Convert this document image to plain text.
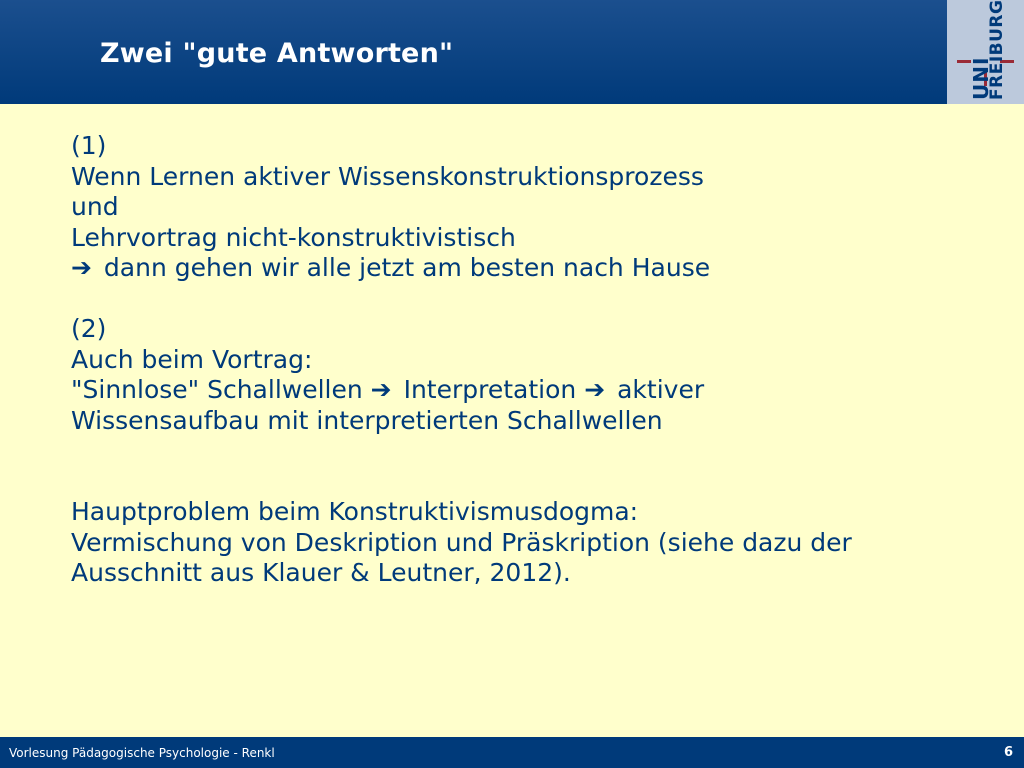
Zwei "gute Antworten"
UNI
FREIBURG
(1)
Wenn Lernen aktiver Wissenskonstruktionsprozess
und
Lehrvortrag nicht-konstruktivistisch
➔ dann gehen wir alle jetzt am besten nach Hause
(2)
Auch beim Vortrag:
"Sinnlose" Schallwellen ➔ Interpretation ➔ aktiver
Wissensaufbau mit interpretierten Schallwellen
Hauptproblem beim Konstruktivismusdogma:
Vermischung von Deskription und Präskription (siehe dazu der
Ausschnitt aus Klauer & Leutner, 2012).
Vorlesung Pädagogische Psychologie - Renkl	6
